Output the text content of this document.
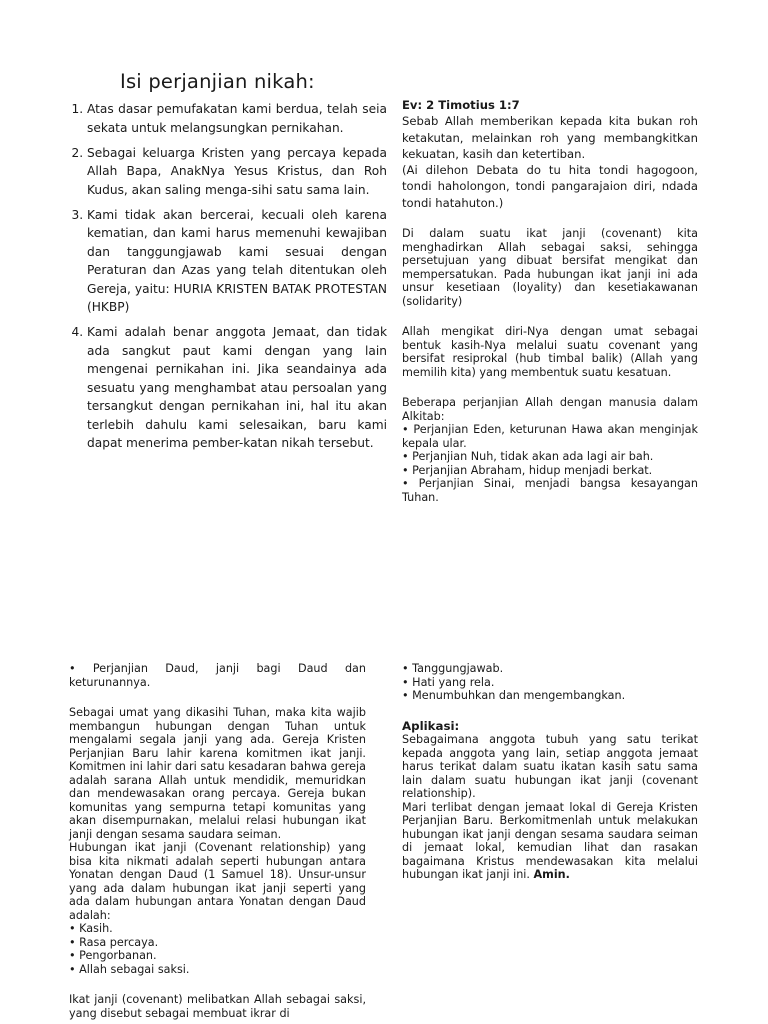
Isi perjanjian nikah:
1. Atas dasar pemufakatan kami berdua, telah seia sekata untuk melangsungkan pernikahan.
2. Sebagai keluarga Kristen yang percaya kepada Allah Bapa, AnakNya Yesus Kristus, dan Roh Kudus, akan saling menga-sihi satu sama lain.
3. Kami tidak akan bercerai, kecuali oleh karena kematian, dan kami harus memenuhi kewajiban dan tanggungjawab kami sesuai dengan Peraturan dan Azas yang telah ditentukan oleh Gereja, yaitu: HURIA KRISTEN BATAK PROTESTAN (HKBP)
4. Kami adalah benar anggota Jemaat, dan tidak ada sangkut paut kami dengan yang lain mengenai pernikahan ini. Jika seandainya ada sesuatu yang menghambat atau persoalan yang tersangkut dengan pernikahan ini, hal itu akan terlebih dahulu kami selesaikan, baru kami dapat menerima pember-katan nikah tersebut.

Ev: 2 Timotius 1:7

Sebab Allah memberikan kepada kita bukan roh ketakutan, melainkan roh yang membangkitkan kekuatan, kasih dan ketertiban.

(Ai dilehon Debata do tu hita tondi hagogoon, tondi haholongon, tondi pangarajaion diri, ndada tondi hatahuton.)

Di dalam suatu ikat janji (covenant) kita menghadirkan Allah sebagai saksi, sehingga persetujuan yang dibuat bersifat mengikat dan mempersatukan. Pada hubungan ikat janji ini ada unsur kesetiaan (loyality) dan kesetiakawanan (solidarity)

Allah mengikat diri-Nya dengan umat sebagai bentuk kasih-Nya melalui suatu covenant yang bersifat resiprokal (hub timbal balik) (Allah yang memilih kita) yang membentuk suatu kesatuan.

Beberapa perjanjian Allah dengan manusia dalam Alkitab:

• Perjanjian Eden, keturunan Hawa akan menginjak kepala ular.
• Perjanjian Nuh, tidak akan ada lagi air bah.
• Perjanjian Abraham, hidup menjadi berkat.
• Perjanjian Sinai, menjadi bangsa kesayangan Tuhan.

• Perjanjian Daud, janji bagi Daud dan keturunannya.

Sebagai umat yang dikasihi Tuhan, maka kita wajib membangun hubungan dengan Tuhan untuk mengalami segala janji yang ada. Gereja Kristen Perjanjian Baru lahir karena komitmen ikat janji. Komitmen ini lahir dari satu kesadaran bahwa gereja adalah sarana Allah untuk mendidik, memuridkan dan mendewasakan orang percaya. Gereja bukan komunitas yang sempurna tetapi komunitas yang akan disempurnakan, melalui relasi hubungan ikat janji dengan sesama saudara seiman.

Hubungan ikat janji (Covenant relationship) yang bisa kita nikmati adalah seperti hubungan antara Yonatan dengan Daud (1 Samuel 18). Unsur-unsur yang ada dalam hubungan ikat janji seperti yang ada dalam hubungan antara Yonatan dengan Daud adalah:

• Kasih.
• Rasa percaya.
• Pengorbanan.
• Allah sebagai saksi.

Ikat janji (covenant) melibatkan Allah sebagai saksi, yang disebut sebagai membuat ikrar di

• Tanggungjawab.
• Hati yang rela.
• Menumbuhkan dan mengembangkan.

Aplikasi:

Sebagaimana anggota tubuh yang satu terikat kepada anggota yang lain, setiap anggota jemaat harus terikat dalam suatu ikatan kasih satu sama lain dalam suatu hubungan ikat janji (covenant relationship).

Mari terlibat dengan jemaat lokal di Gereja Kristen Perjanjian Baru. Berkomitmenlah untuk melakukan hubungan ikat janji dengan sesama saudara seiman di jemaat lokal, kemudian lihat dan rasakan bagaimana Kristus mendewasakan kita melalui hubungan ikat janji ini. Amin.
